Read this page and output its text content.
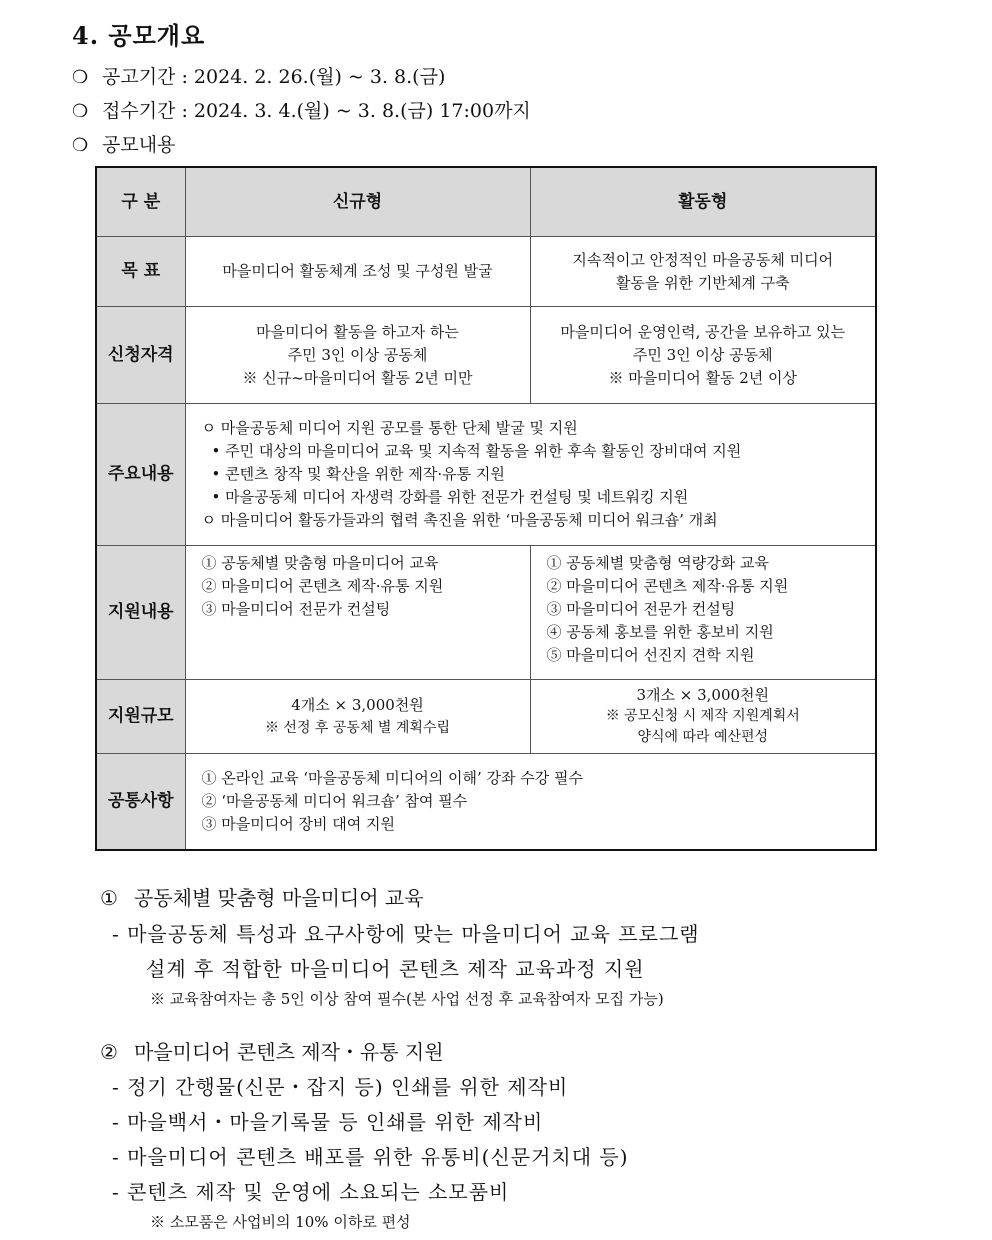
4. 공모개요
❍ 공고기간 : 2024. 2. 26.(월) ~ 3. 8.(금)
❍ 접수기간 : 2024. 3. 4.(월) ~ 3. 8.(금) 17:00까지
❍ 공모내용
구 분	신규형	활동형
목 표	마을미디어 활동체계 조성 및 구성원 발굴	지속적이고 안정적인 마을공동체 미디어
활동을 위한 기반체계 구축

신청자격	마을미디어 활동을 하고자 하는
주민 3인 이상 공동체
※ 신규~마을미디어 활동 2년 미만	마을미디어 운영인력, 공간을 보유하고 있는
주민 3인 이상 공동체
※ 마을미디어 활동 2년 이상

주요내용	ㅇ 마을공동체 미디어 지원 공모를 통한 단체 발굴 및 지원
• 주민 대상의 마을미디어 교육 및 지속적 활동을 위한 후속 활동인 장비대여 지원
• 콘텐츠 창작 및 확산을 위한 제작·유통 지원
• 마을공동체 미디어 자생력 강화를 위한 전문가 컨설팅 및 네트워킹 지원
ㅇ 마을미디어 활동가들과의 협력 촉진을 위한 ‘마을공동체 미디어 워크숍’ 개최	

지원내용	① 공동체별 맞춤형 마을미디어 교육
② 마을미디어 콘텐츠 제작·유통 지원
③ 마을미디어 전문가 컨설팅	① 공동체별 맞춤형 역량강화 교육
② 마을미디어 콘텐츠 제작·유통 지원
③ 마을미디어 전문가 컨설팅
④ 공동체 홍보를 위한 홍보비 지원
⑤ 마을미디어 선진지 견학 지원

지원규모	4개소 × 3,000천원
※ 선정 후 공동체 별 계획수립	3개소 × 3,000천원
※ 공모신청 시 제작 지원계획서
양식에 따라 예산편성

공통사항	① 온라인 교육 ‘마을공동체 미디어의 이해’ 강좌 수강 필수
② ‘마을공동체 미디어 워크숍’ 참여 필수
③ 마을미디어 장비 대여 지원	
① 공동체별 맞춤형 마을미디어 교육
- 마을공동체 특성과 요구사항에 맞는 마을미디어 교육 프로그램
설계 후 적합한 마을미디어 콘텐츠 제작 교육과정 지원
※ 교육참여자는 총 5인 이상 참여 필수(본 사업 선정 후 교육참여자 모집 가능)
② 마을미디어 콘텐츠 제작・유통 지원
- 정기 간행물(신문・잡지 등) 인쇄를 위한 제작비
- 마을백서・마을기록물 등 인쇄를 위한 제작비
- 마을미디어 콘텐츠 배포를 위한 유통비(신문거치대 등)
- 콘텐츠 제작 및 운영에 소요되는 소모품비
※ 소모품은 사업비의 10% 이하로 편성
